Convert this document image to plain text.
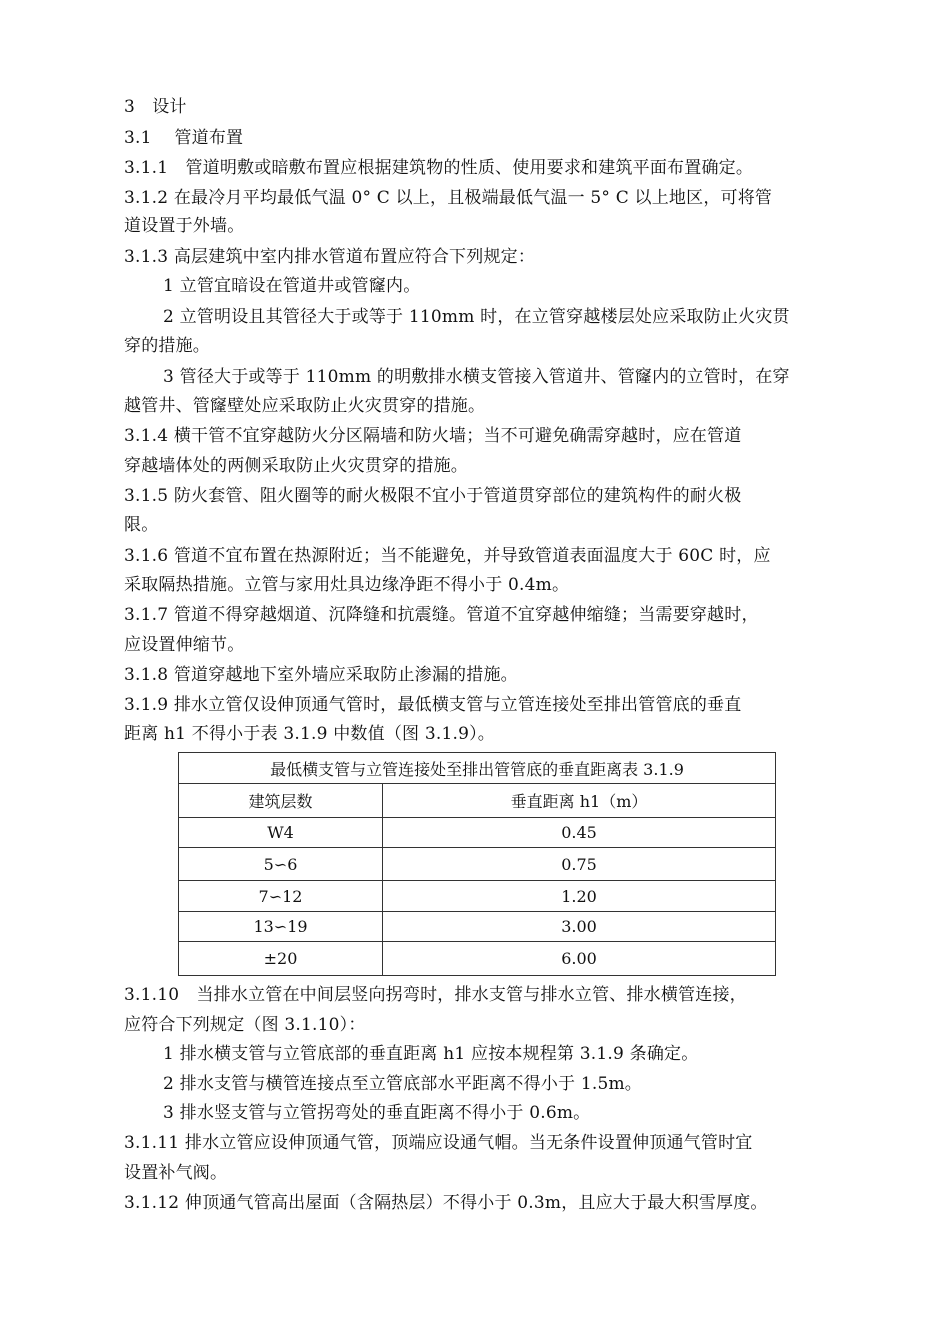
3　设计
3.1　 管道布置
3.1.1　管道明敷或暗敷布置应根据建筑物的性质、使用要求和建筑平面布置确定。
3.1.2 在最冷月平均最低气温 0° C 以上，且极端最低气温一 5° C 以上地区，可将管
道设置于外墙。
3.1.3 高层建筑中室内排水管道布置应符合下列规定：
1 立管宜暗设在管道井或管窿内。
2 立管明设且其管径大于或等于 110mm 时，在立管穿越楼层处应采取防止火灾贯
穿的措施。
3 管径大于或等于 110mm 的明敷排水横支管接入管道井、管窿内的立管时，在穿
越管井、管窿壁处应采取防止火灾贯穿的措施。
3.1.4 横干管不宜穿越防火分区隔墙和防火墙；当不可避免确需穿越时，应在管道
穿越墙体处的两侧采取防止火灾贯穿的措施。
3.1.5 防火套管、阻火圈等的耐火极限不宜小于管道贯穿部位的建筑构件的耐火极
限。
3.1.6 管道不宜布置在热源附近；当不能避免，并导致管道表面温度大于 60C 时，应
采取隔热措施。立管与家用灶具边缘净距不得小于 0.4m。
3.1.7 管道不得穿越烟道、沉降缝和抗震缝。管道不宜穿越伸缩缝；当需要穿越时，
应设置伸缩节。
3.1.8 管道穿越地下室外墙应采取防止渗漏的措施。
3.1.9 排水立管仅设伸顶通气管时，最低横支管与立管连接处至排出管管底的垂直
距离 h1 不得小于表 3.1.9 中数值（图 3.1.9）。
最低横支管与立管连接处至排出管管底的垂直距离表 3.1.9	
建筑层数	垂直距离 h1（m）
W4	0.45
5∽6	0.75
7∽12	1.20
13∽19	3.00
±20	6.00
3.1.10　当排水立管在中间层竖向拐弯时，排水支管与排水立管、排水横管连接，
应符合下列规定（图 3.1.10）：
1 排水横支管与立管底部的垂直距离 h1 应按本规程第 3.1.9 条确定。
2 排水支管与横管连接点至立管底部水平距离不得小于 1.5m。
3 排水竖支管与立管拐弯处的垂直距离不得小于 0.6m。
3.1.11 排水立管应设伸顶通气管，顶端应设通气帽。当无条件设置伸顶通气管时宜
设置补气阀。
3.1.12 伸顶通气管高出屋面（含隔热层）不得小于 0.3m，且应大于最大积雪厚度。
